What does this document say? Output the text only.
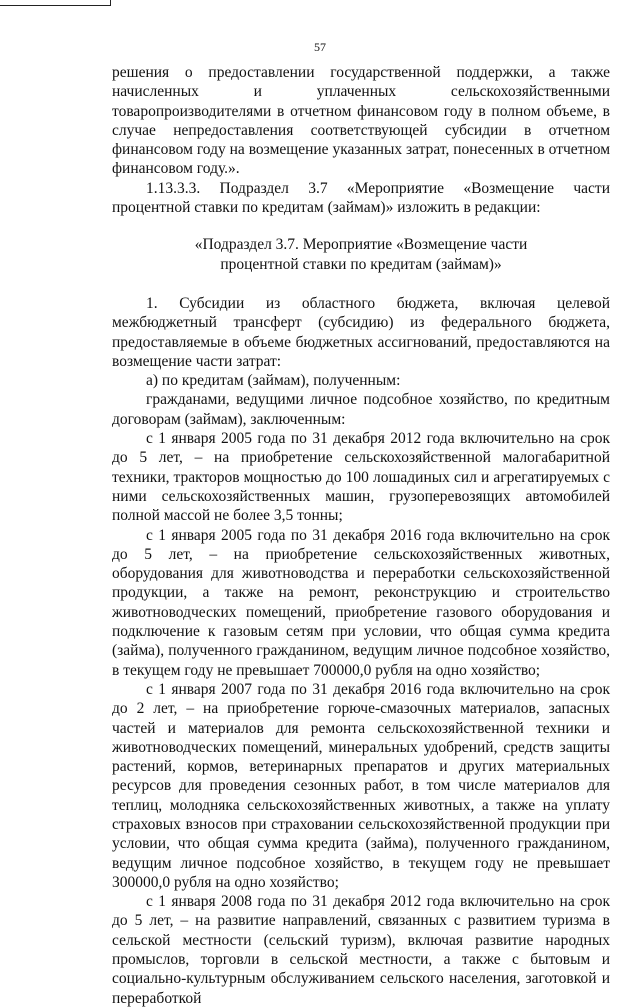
57

решения о предоставлении государственной поддержки, а также начисленных и уплаченных сельскохозяйственными товаропроизводителями в отчетном финансовом году в полном объеме, в случае непредоставления соответствующей субсидии в отчетном финансовом году на возмещение указанных затрат, понесенных в отчетном финансовом году.».

1.13.3.3. Подраздел 3.7 «Мероприятие «Возмещение части процентной ставки по кредитам (займам)» изложить в редакции:

«Подраздел 3.7. Мероприятие «Возмещение части

процентной ставки по кредитам (займам)»

1. Субсидии из областного бюджета, включая целевой межбюджетный трансферт (субсидию) из федерального бюджета, предоставляемые в объеме бюджетных ассигнований, предоставляются на возмещение части затрат:

а) по кредитам (займам), полученным:

гражданами, ведущими личное подсобное хозяйство, по кредитным договорам (займам), заключенным:

с 1 января 2005 года по 31 декабря 2012 года включительно на срок до 5 лет, – на приобретение сельскохозяйственной малогабаритной техники, тракторов мощностью до 100 лошадиных сил и агрегатируемых с ними сельскохозяйственных машин, грузоперевозящих автомобилей полной массой не более 3,5 тонны;

с 1 января 2005 года по 31 декабря 2016 года включительно на срок до 5 лет, – на приобретение сельскохозяйственных животных, оборудования для животноводства и переработки сельскохозяйственной продукции, а также на ремонт, реконструкцию и строительство животноводческих помещений, приобретение газового оборудования и подключение к газовым сетям при условии, что общая сумма кредита (займа), полученного гражданином, ведущим личное подсобное хозяйство, в текущем году не превышает 700000,0 рубля на одно хозяйство;

с 1 января 2007 года по 31 декабря 2016 года включительно на срок до 2 лет, – на приобретение горюче-смазочных материалов, запасных частей и материалов для ремонта сельскохозяйственной техники и животноводческих помещений, минеральных удобрений, средств защиты растений, кормов, ветеринарных препаратов и других материальных ресурсов для проведения сезонных работ, в том числе материалов для теплиц, молодняка сельскохозяйственных животных, а также на уплату страховых взносов при страховании сельскохозяйственной продукции при условии, что общая сумма кредита (займа), полученного гражданином, ведущим личное подсобное хозяйство, в текущем году не превышает 300000,0 рубля на одно хозяйство;

с 1 января 2008 года по 31 декабря 2012 года включительно на срок до 5 лет, – на развитие направлений, связанных с развитием туризма в сельской местности (сельский туризм), включая развитие народных промыслов, торговли в сельской местности, а также с бытовым и социально-культурным обслуживанием сельского населения, заготовкой и переработкой
